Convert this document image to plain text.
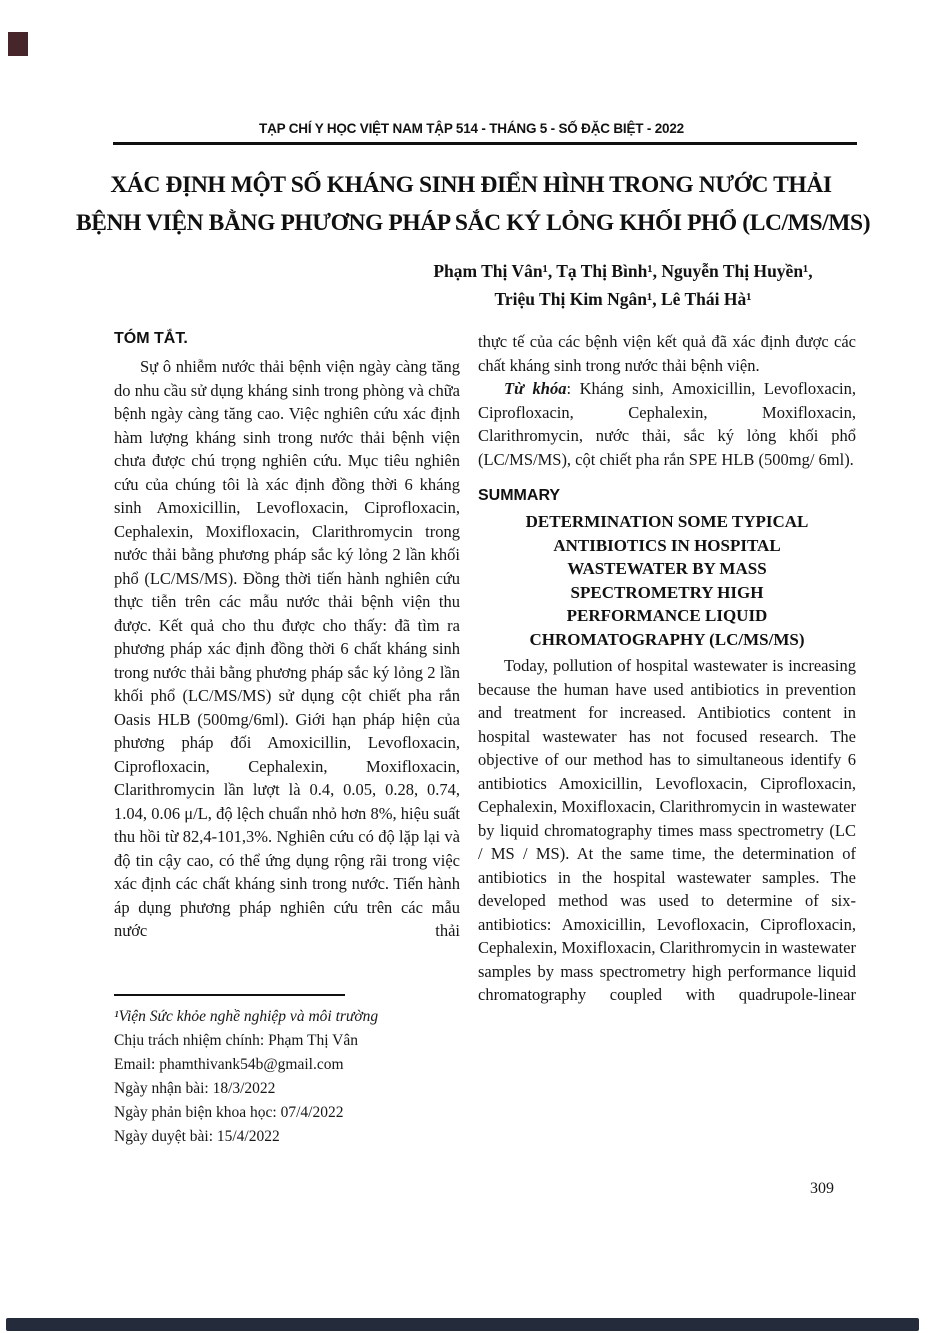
TẠP CHÍ Y HỌC VIỆT NAM TẬP 514 - THÁNG 5 - SỐ ĐẶC BIỆT - 2022
XÁC ĐỊNH MỘT SỐ KHÁNG SINH ĐIỂN HÌNH TRONG NƯỚC THẢI
BỆNH VIỆN BẰNG PHƯƠNG PHÁP SẮC KÝ LỎNG KHỐI PHỔ (LC/MS/MS)
Phạm Thị Vân¹, Tạ Thị Bình¹, Nguyễn Thị Huyền¹,
Triệu Thị Kim Ngân¹, Lê Thái Hà¹
TÓM TẮT.

Sự ô nhiễm nước thải bệnh viện ngày càng tăng do nhu cầu sử dụng kháng sinh trong phòng và chữa bệnh ngày càng tăng cao. Việc nghiên cứu xác định hàm lượng kháng sinh trong nước thải bệnh viện chưa được chú trọng nghiên cứu. Mục tiêu nghiên cứu của chúng tôi là xác định đồng thời 6 kháng sinh Amoxicillin, Levofloxacin, Ciprofloxacin, Cephalexin, Moxifloxacin, Clarithromycin trong nước thải bằng phương pháp sắc ký lỏng 2 lần khối phổ (LC/MS/MS). Đồng thời tiến hành nghiên cứu thực tiễn trên các mẫu nước thải bệnh viện thu được. Kết quả cho thu được cho thấy: đã tìm ra phương pháp xác định đồng thời 6 chất kháng sinh trong nước thải bằng phương pháp sắc ký lỏng 2 lần khối phổ (LC/MS/MS) sử dụng cột chiết pha rắn Oasis HLB (500mg/6ml). Giới hạn pháp hiện của phương pháp đối Amoxicillin, Levofloxacin, Ciprofloxacin, Cephalexin, Moxifloxacin, Clarithromycin lần lượt là 0.4, 0.05, 0.28, 0.74, 1.04, 0.06 μ/L, độ lệch chuẩn nhỏ hơn 8%, hiệu suất thu hồi từ 82,4-101,3%. Nghiên cứu có độ lặp lại và độ tin cậy cao, có thể ứng dụng rộng rãi trong việc xác định các chất kháng sinh trong nước. Tiến hành áp dụng phương pháp nghiên cứu trên các mẫu nước thải

thực tế của các bệnh viện kết quả đã xác định được các chất kháng sinh trong nước thải bệnh viện.

Từ khóa: Kháng sinh, Amoxicillin, Levofloxacin, Ciprofloxacin, Cephalexin, Moxifloxacin, Clarithromycin, nước thải, sắc ký lỏng khối phổ (LC/MS/MS), cột chiết pha rắn SPE HLB (500mg/ 6ml).

SUMMARY
DETERMINATION SOME TYPICAL
ANTIBIOTICS IN HOSPITAL
WASTEWATER BY MASS
SPECTROMETRY HIGH
PERFORMANCE LIQUID
CHROMATOGRAPHY (LC/MS/MS)

Today, pollution of hospital wastewater is increasing because the human have used antibiotics in prevention and treatment for increased. Antibiotics content in hospital wastewater has not focused research. The objective of our method has to simultaneous identify 6 antibiotics Amoxicillin, Levofloxacin, Ciprofloxacin, Cephalexin, Moxifloxacin, Clarithromycin in wastewater by liquid chromatography times mass spectrometry (LC / MS / MS). At the same time, the determination of antibiotics in the hospital wastewater samples. The developed method was used to determine of six- antibiotics: Amoxicillin, Levofloxacin, Ciprofloxacin, Cephalexin, Moxifloxacin, Clarithromycin in wastewater samples by mass spectrometry high performance liquid chromatography coupled with quadrupole-linear

¹Viện Sức khỏe nghề nghiệp và môi trường

Chịu trách nhiệm chính: Phạm Thị Vân

Email: phamthivank54b@gmail.com

Ngày nhận bài: 18/3/2022

Ngày phản biện khoa học: 07/4/2022

Ngày duyệt bài: 15/4/2022

309
